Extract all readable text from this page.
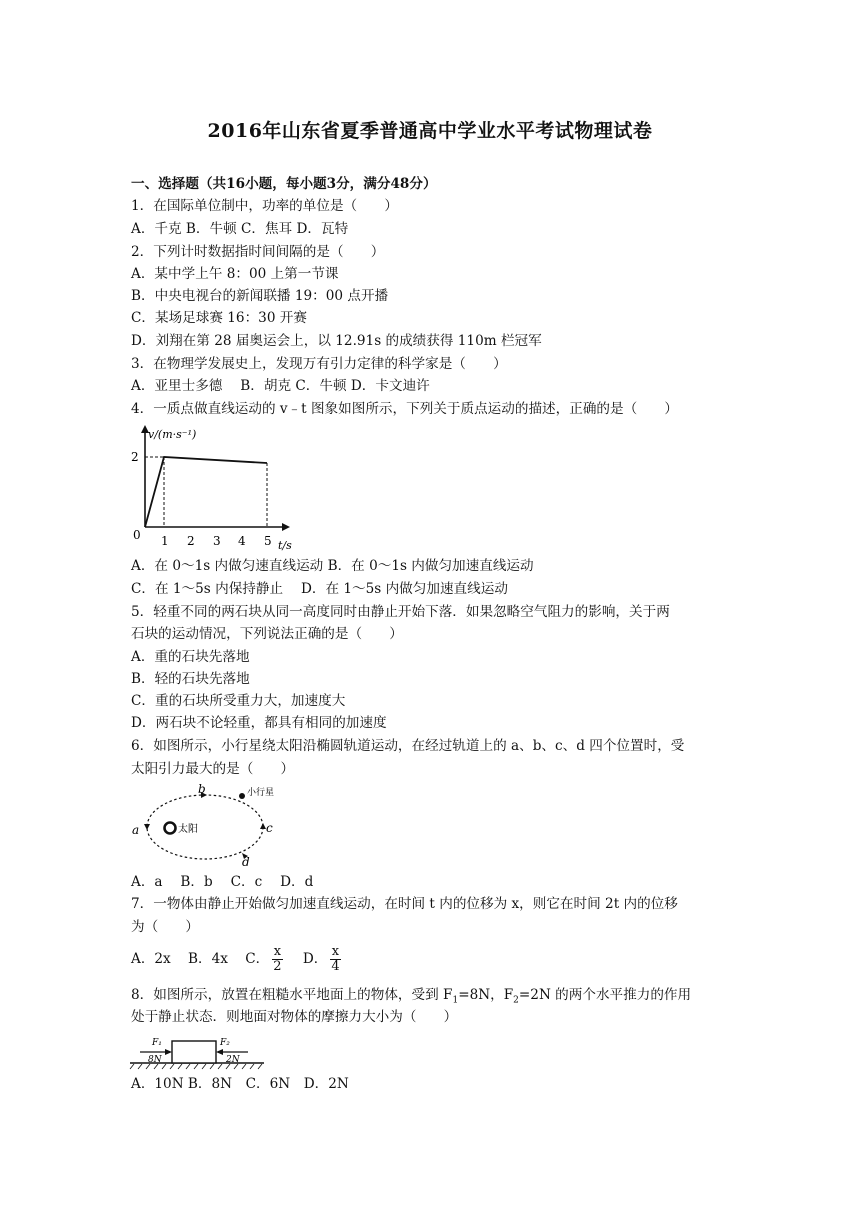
2016年山东省夏季普通高中学业水平考试物理试卷
一、选择题（共16小题，每小题3分，满分48分）
1．在国际单位制中，功率的单位是（　　）
A．千克 B．牛顿 C．焦耳 D．瓦特
2．下列计时数据指时间间隔的是（　　）
A．某中学上午 8：00 上第一节课
B．中央电视台的新闻联播 19：00 点开播
C．某场足球赛 16：30 开赛
D．刘翔在第 28 届奥运会上，以 12.91s 的成绩获得 110m 栏冠军
3．在物理学发展史上，发现万有引力定律的科学家是（　　）
A．亚里士多德　 B．胡克 C．牛顿 D．卡文迪许
4．一质点做直线运动的 v﹣t 图象如图所示，下列关于质点运动的描述，正确的是（　　）
v/(m·s⁻¹)
2
0 1 2 3 4 5 t/s
A．在 0～1s 内做匀速直线运动 B．在 0～1s 内做匀加速直线运动
C．在 1～5s 内保持静止　 D．在 1～5s 内做匀加速直线运动
5．轻重不同的两石块从同一高度同时由静止开始下落．如果忽略空气阻力的影响，关于两
石块的运动情况，下列说法正确的是（　　）
A．重的石块先落地
B．轻的石块先落地
C．重的石块所受重力大，加速度大
D．两石块不论轻重，都具有相同的加速度
6．如图所示，小行星绕太阳沿椭圆轨道运动，在经过轨道上的 a、b、c、d 四个位置时，受
太阳引力最大的是（　　）
太阳
小行星
a
b
c
d
A．a　 B．b　 C．c　 D．d
7．一物体由静止开始做匀加速直线运动，在时间 t 内的位移为 x，则它在时间 2t 内的位移
为（　　）
A．2x B．4x C． $\frac{x}{2}$ D． $\frac{x}{4}$
8．如图所示，放置在粗糙水平地面上的物体，受到 $F_1=8N$，$F_2=2N$ 的两个水平推力的作用
处于静止状态．则地面对物体的摩擦力大小为（　　）
F₁	F₂
8N	2N
A．10N B．8N　C．6N　D．2N
